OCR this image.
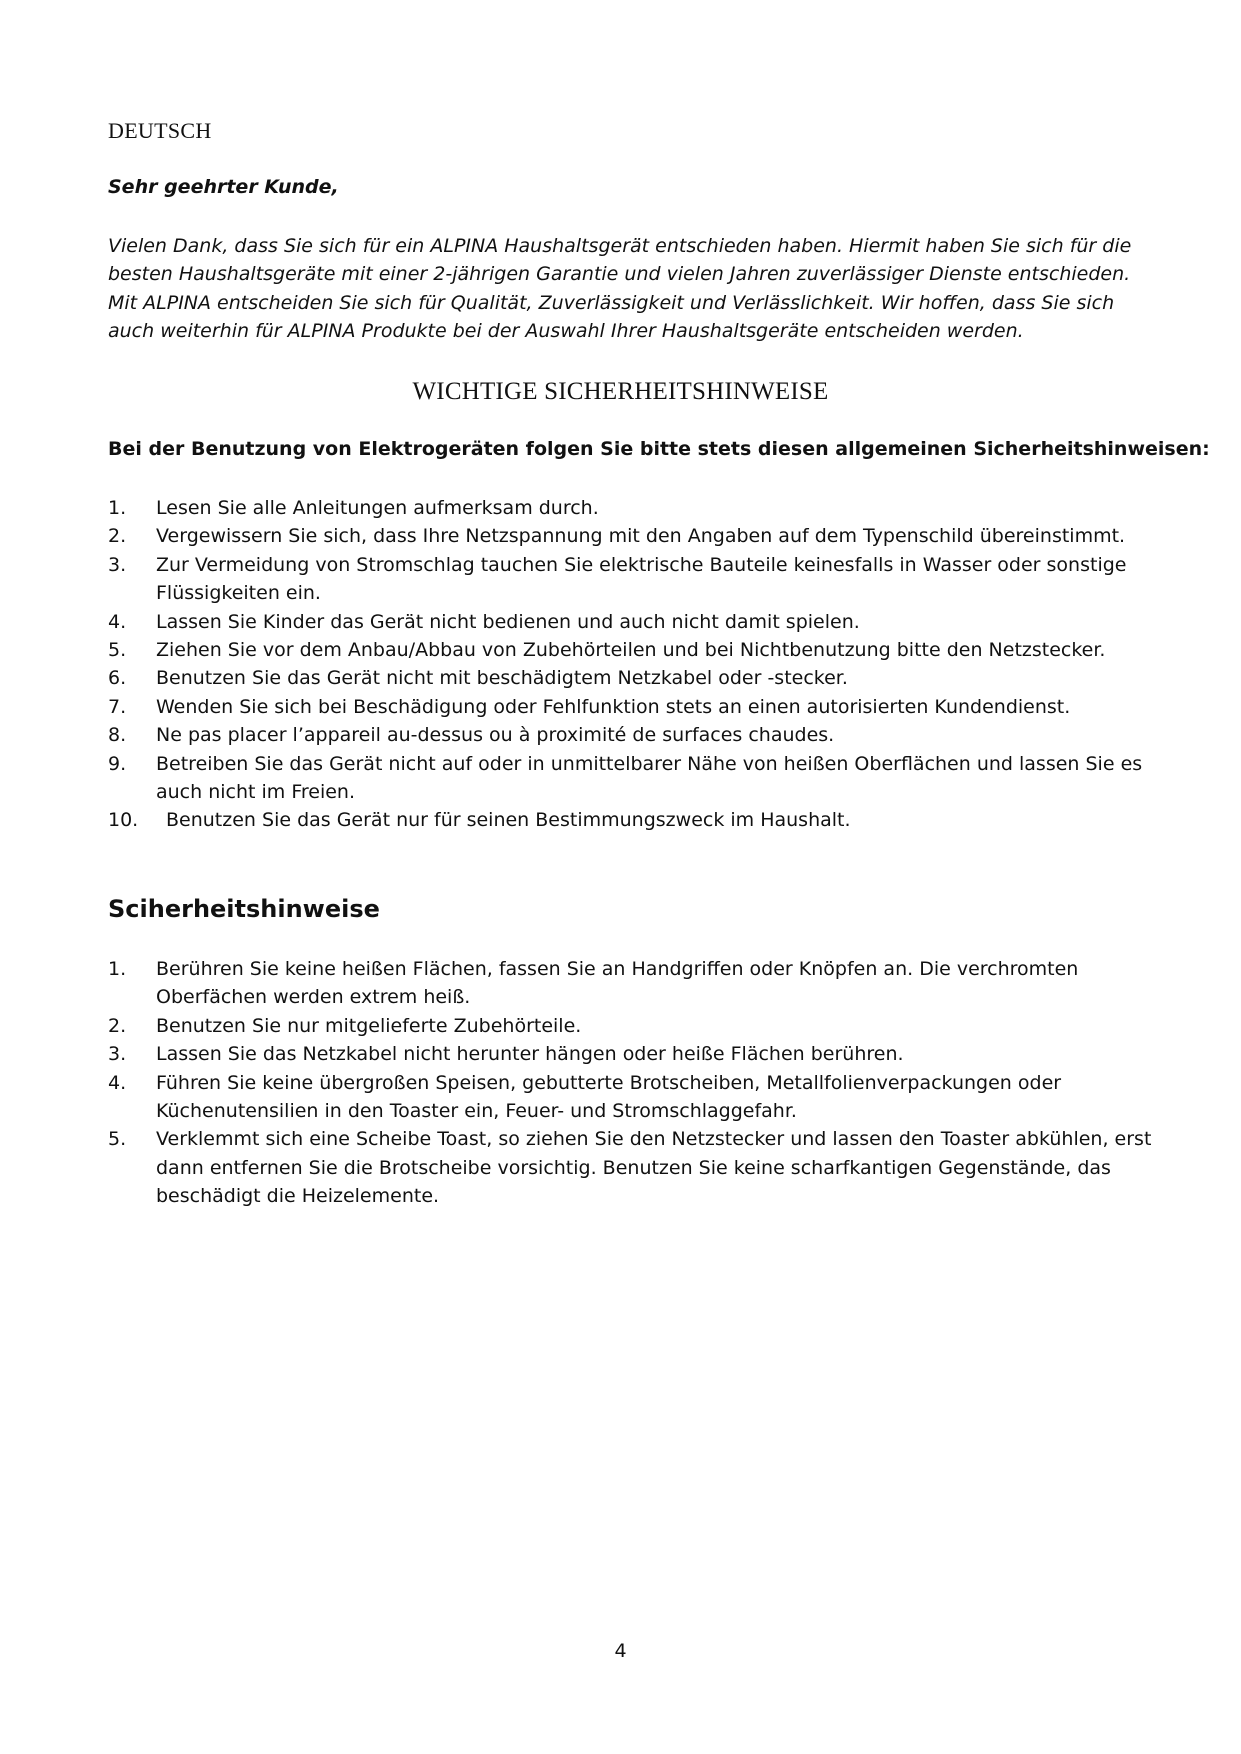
DEUTSCH
Sehr geehrter Kunde,

Vielen Dank, dass Sie sich für ein ALPINA Haushaltsgerät entschieden haben. Hiermit haben Sie sich für die besten Haushaltsgeräte mit einer 2-jährigen Garantie und vielen Jahren zuverlässiger Dienste entschieden. Mit ALPINA entscheiden Sie sich für Qualität, Zuverlässigkeit und Verlässlichkeit. Wir hoffen, dass Sie sich auch weiterhin für ALPINA Produkte bei der Auswahl Ihrer Haushaltsgeräte entscheiden werden.

WICHTIGE SICHERHEITSHINWEISE
Bei der Benutzung von Elektrogeräten folgen Sie bitte stets diesen allgemeinen Sicherheitshinweisen:
1. Lesen Sie alle Anleitungen aufmerksam durch.
2. Vergewissern Sie sich, dass Ihre Netzspannung mit den Angaben auf dem Typenschild übereinstimmt.
3. Zur Vermeidung von Stromschlag tauchen Sie elektrische Bauteile keinesfalls in Wasser oder sonstige Flüssigkeiten ein.
4. Lassen Sie Kinder das Gerät nicht bedienen und auch nicht damit spielen.
5. Ziehen Sie vor dem Anbau/Abbau von Zubehörteilen und bei Nichtbenutzung bitte den Netzstecker.
6. Benutzen Sie das Gerät nicht mit beschädigtem Netzkabel oder -stecker.
7. Wenden Sie sich bei Beschädigung oder Fehlfunktion stets an einen autorisierten Kundendienst.
8. Ne pas placer l’appareil au-dessus ou à proximité de surfaces chaudes.
9. Betreiben Sie das Gerät nicht auf oder in unmittelbarer Nähe von heißen Oberflächen und lassen Sie es auch nicht im Freien.
10. Benutzen Sie das Gerät nur für seinen Bestimmungszweck im Haushalt.
Sciherheitshinweise
1. Berühren Sie keine heißen Flächen, fassen Sie an Handgriffen oder Knöpfen an. Die verchromten Oberfächen werden extrem heiß.
2. Benutzen Sie nur mitgelieferte Zubehörteile.
3. Lassen Sie das Netzkabel nicht herunter hängen oder heiße Flächen berühren.
4. Führen Sie keine übergroßen Speisen, gebutterte Brotscheiben, Metallfolienverpackungen oder Küchenutensilien in den Toaster ein, Feuer- und Stromschlaggefahr.
5. Verklemmt sich eine Scheibe Toast, so ziehen Sie den Netzstecker und lassen den Toaster abkühlen, erst dann entfernen Sie die Brotscheibe vorsichtig. Benutzen Sie keine scharfkantigen Gegenstände, das beschädigt die Heizelemente.
4
